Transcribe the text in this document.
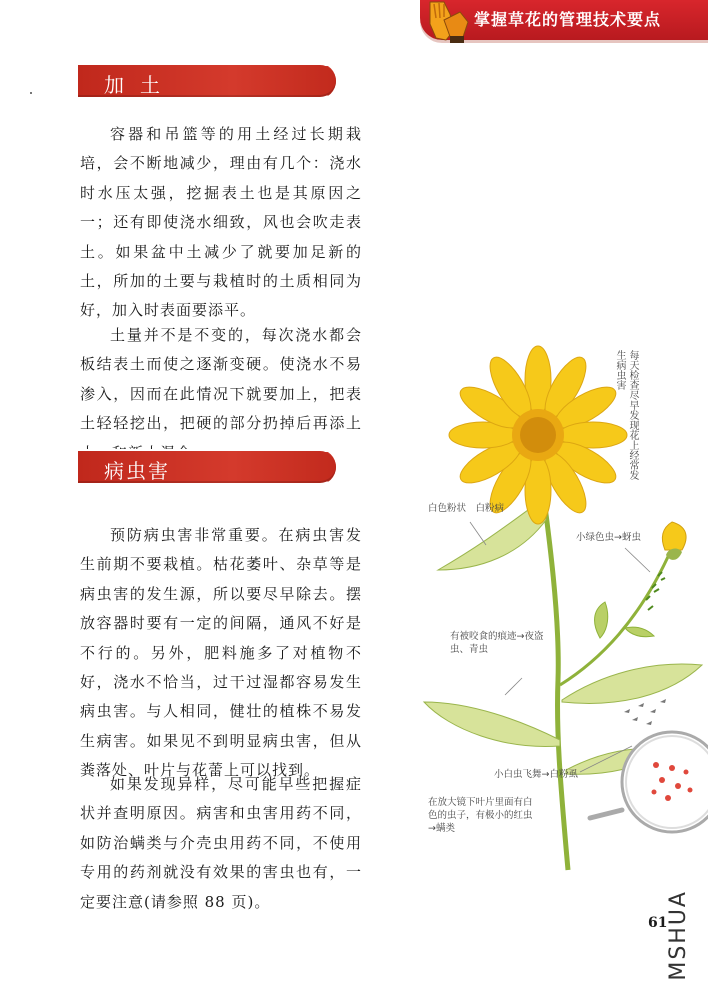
掌握草花的管理技术要点
加土

容器和吊篮等的用土经过长期栽培，会不断地减少，理由有几个：浇水时水压太强，挖掘表土也是其原因之一；还有即使浇水细致，风也会吹走表土。如果盆中土减少了就要加足新的土，所加的土要与栽植时的土质相同为好，加入时表面要添平。

土量并不是不变的，每次浇水都会板结表土而使之逐渐变硬。使浇水不易渗入，因而在此情况下就要加上，把表土轻轻挖出，把硬的部分扔掉后再添上

病虫害

预防病虫害非常重要。在病虫害发生前期不要栽植。枯花萎叶、杂草等是病虫害的发生源，所以要尽早除去。摆放容器时要有一定的间隔，通风不好是不行的。另外，肥料施多了对植物不好，浇水不恰当，过干过湿都容易发生病虫害。与人相同，健壮的植株不易发生病害。如果见不到明显病虫害，但从粪落处、叶片与花蕾上可以找到。

如果发现异样，尽可能早些把握症状并查明原因。病害和虫害用药不同，如防治螨类与介壳虫用药不同，不使用专用的药剂就没有效果的害虫也有，一定要注意(请参照 88 页)。

每天检查尽早发现花上经常发生病虫害
白色粉状　白粉病
小绿色虫→蚜虫
有被咬食的痕迹→夜盗虫、青虫
小白虫飞舞→白粉虱
在放大镜下叶片里面有白色的虫子，有极小的红虫→螨类
61
MSHUA
